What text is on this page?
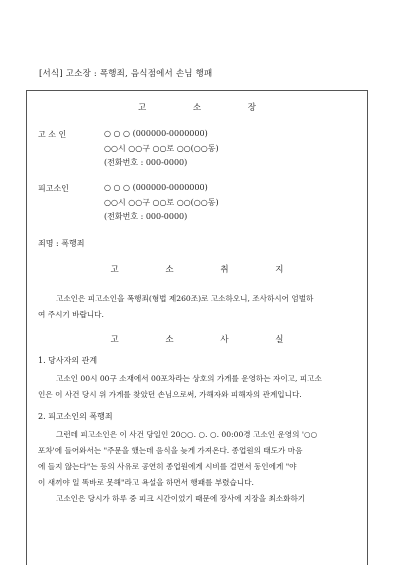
[서식] 고소장 : 폭행죄, 음식점에서 손님 행패
고 소 장
고 소 인	○ ○ ○ (000000-0000000)
○○시 ○○구 ○○로 ○○(○○동)
(전화번호 : 000-0000)
피고소인	○ ○ ○ (000000-0000000)
○○시 ○○구 ○○로 ○○(○○동)
(전화번호 : 000-0000)
죄명 : 폭행죄
고 소 취 지

고소인은 피고소인을 폭행죄(형법 제260조)로 고소하오니, 조사하시어 엄벌하

여 주시기 바랍니다.

고 소 사 실
1. 당사자의 관계

고소인 00시 00구 소재에서 00포차라는 상호의 가게를 운영하는 자이고, 피고소

인은 이 사건 당시 위 가게를 찾았던 손님으로써, 가해자와 피해자의 관계입니다.

2. 피고소인의 폭행죄

그런데 피고소인은 이 사건 당일인 20○○. ○. ○. 00:00경 고소인 운영의 '○○

포차'에 들어와서는 "주문을 했는데 음식을 늦게 가져온다. 종업원의 태도가 마음

에 들지 않는다"는 등의 사유로 공연히 종업원에게 시비를 걸면서 동인에게 "야

이 새끼야 일 똑바로 못해"라고 욕설을 하면서 행패를 부렸습니다.

고소인은 당시가 하루 중 피크 시간이었기 때문에 장사에 지장을 최소화하기
